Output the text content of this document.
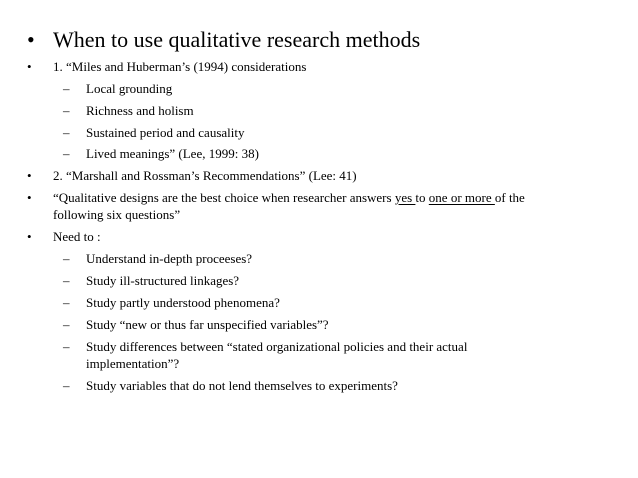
• When to use qualitative research methods
• 1. “Miles and Huberman’s (1994) considerations
– Local grounding
– Richness and holism
– Sustained period and causality
– Lived meanings” (Lee, 1999: 38)
• 2. “Marshall and Rossman’s Recommendations” (Lee: 41)
• “Qualitative designs are the best choice when researcher answers yes to one or more of the
following six questions”
• Need to :
– Understand in-depth proceeses?
– Study ill-structured linkages?
– Study partly understood phenomena?
– Study “new or thus far unspecified variables”?
– Study differences between “stated organizational policies and their actual
implementation”?
– Study variables that do not lend themselves to experiments?
